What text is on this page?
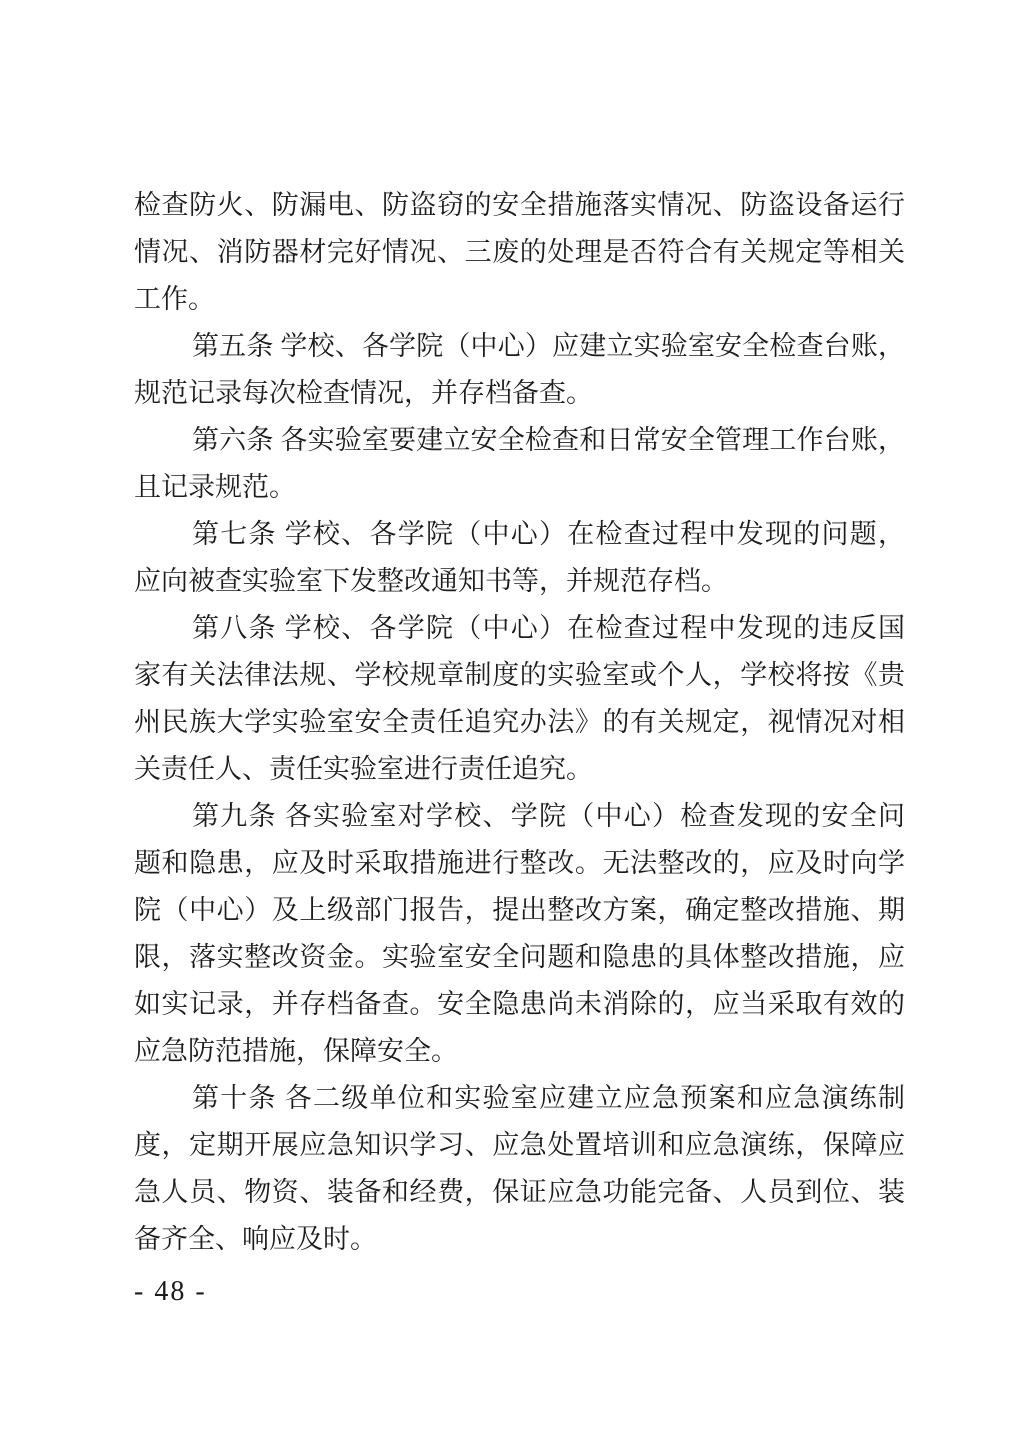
检查防火、防漏电、防盗窃的安全措施落实情况、防盗设备运行
情况、消防器材完好情况、三废的处理是否符合有关规定等相关
工作。
第五条 学校、各学院（中心）应建立实验室安全检查台账，
规范记录每次检查情况，并存档备查。
第六条 各实验室要建立安全检查和日常安全管理工作台账，
且记录规范。
第七条 学校、各学院（中心）在检查过程中发现的问题，
应向被查实验室下发整改通知书等，并规范存档。
第八条 学校、各学院（中心）在检查过程中发现的违反国
家有关法律法规、学校规章制度的实验室或个人，学校将按《贵
州民族大学实验室安全责任追究办法》的有关规定，视情况对相
关责任人、责任实验室进行责任追究。
第九条 各实验室对学校、学院（中心）检查发现的安全问
题和隐患，应及时采取措施进行整改。无法整改的，应及时向学
院（中心）及上级部门报告，提出整改方案，确定整改措施、期
限，落实整改资金。实验室安全问题和隐患的具体整改措施，应
如实记录，并存档备查。安全隐患尚未消除的，应当采取有效的
应急防范措施，保障安全。
第十条 各二级单位和实验室应建立应急预案和应急演练制
度，定期开展应急知识学习、应急处置培训和应急演练，保障应
急人员、物资、装备和经费，保证应急功能完备、人员到位、装
备齐全、响应及时。
- 48 -
